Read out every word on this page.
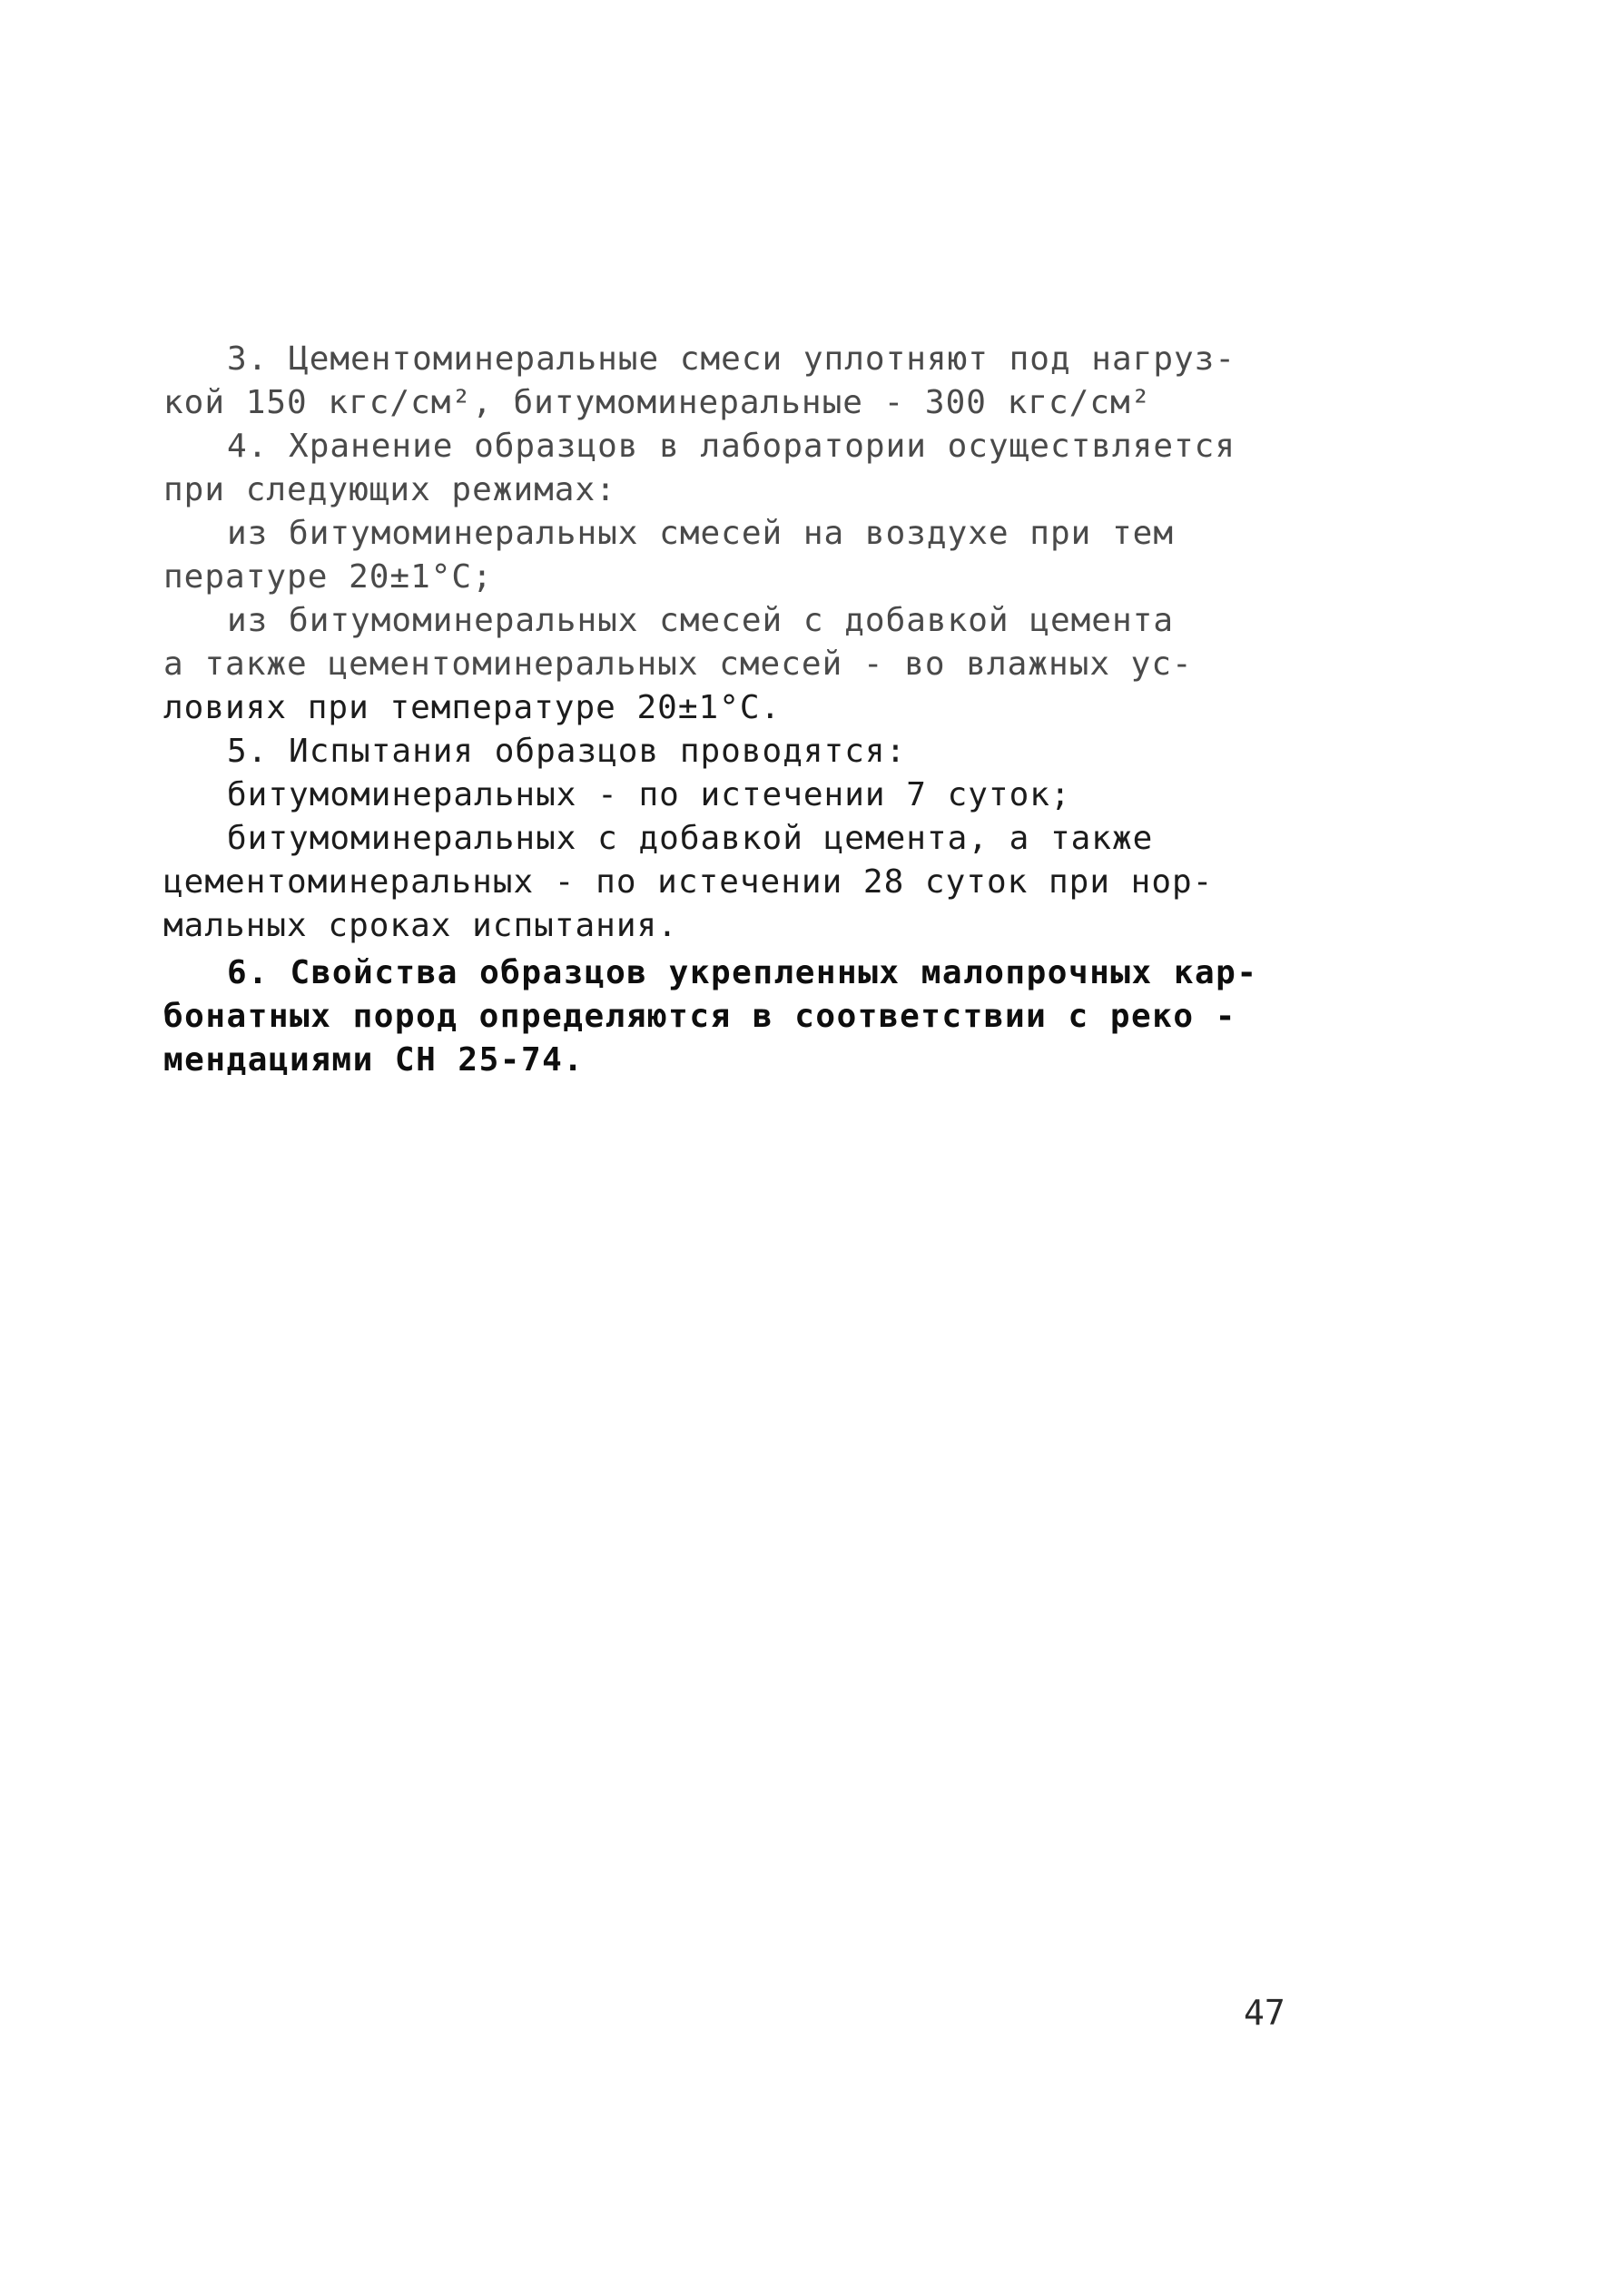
3. Цементоминеральные смеси уплотняют под нагруз-
кой 150 кгс/см², битумоминеральные - 300 кгс/см²
4. Хранение образцов в лаборатории осуществляется
при следующих режимах:
из битумоминеральных смесей на воздухе при тем
пературе 20±1°С;
из битумоминеральных смесей с добавкой цемента
а также цементоминеральных смесей - во влажных ус-
ловиях при температуре 20±1°С.
5. Испытания образцов проводятся:
битумоминеральных - по истечении 7 суток;
битумоминеральных с добавкой цемента, а также
цементоминеральных - по истечении 28 суток при нор-
мальных сроках испытания.
6. Свойства образцов укрепленных малопрочных кар-
бонатных пород определяются в соответствии с реко -
мендациями СН 25-74.
47
